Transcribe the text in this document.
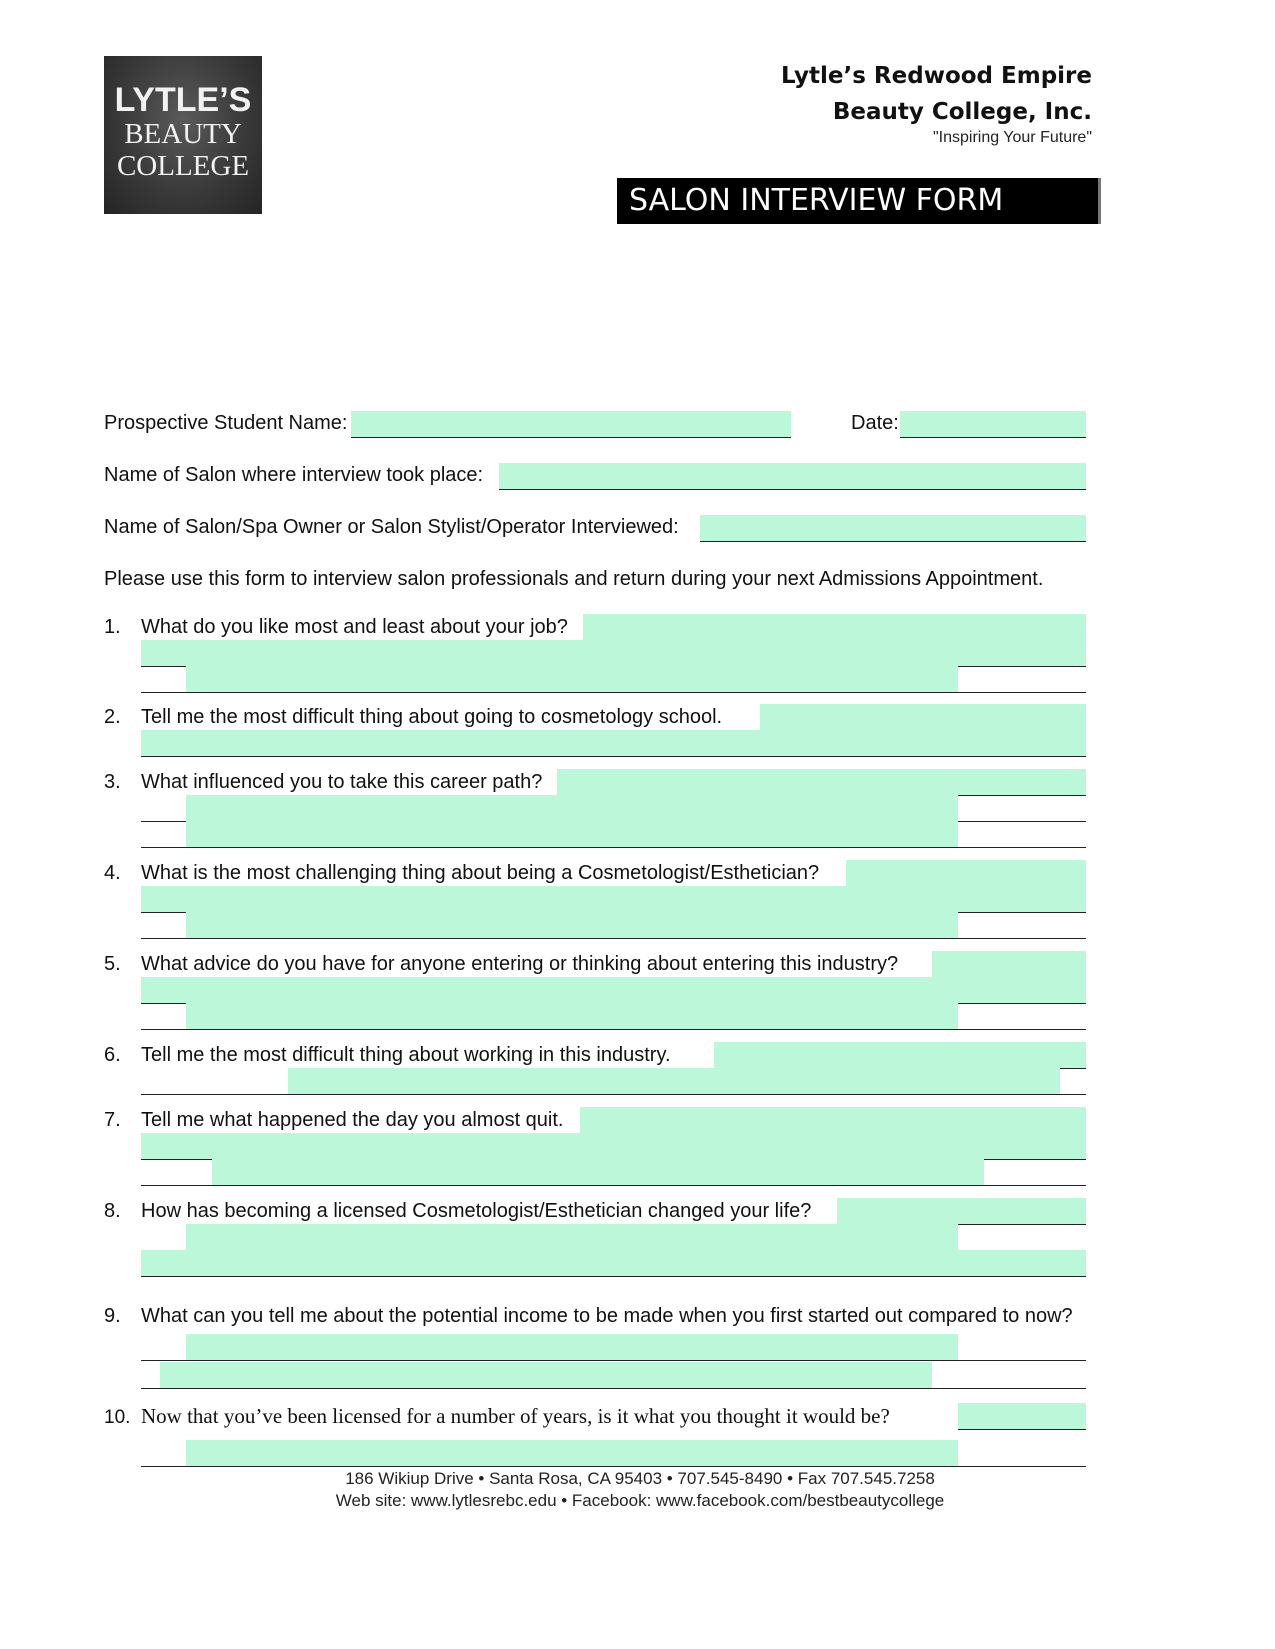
LYTLE’S
BEAUTY
COLLEGE
Lytle’s Redwood Empire
Beauty College, Inc.
"Inspiring Your Future"
SALON INTERVIEW FORM
Prospective Student Name:	Date:
Name of Salon where interview took place:
Name of Salon/Spa Owner or Salon Stylist/Operator Interviewed:
Please use this form to interview salon professionals and return during your next Admissions Appointment.
1. What do you like most and least about your job?
2. Tell me the most difficult thing about going to cosmetology school.
3. What influenced you to take this career path?
4. What is the most challenging thing about being a Cosmetologist/Esthetician?
5. What advice do you have for anyone entering or thinking about entering this industry?
6. Tell me the most difficult thing about working in this industry.
7. Tell me what happened the day you almost quit.
8. How has becoming a licensed Cosmetologist/Esthetician changed your life?
9. What can you tell me about the potential income to be made when you first started out compared to now?
10. Now that you’ve been licensed for a number of years, is it what you thought it would be?
186 Wikiup Drive • Santa Rosa, CA 95403 • 707.545-8490 • Fax 707.545.7258
Web site: www.lytlesrebc.edu • Facebook: www.facebook.com/bestbeautycollege
